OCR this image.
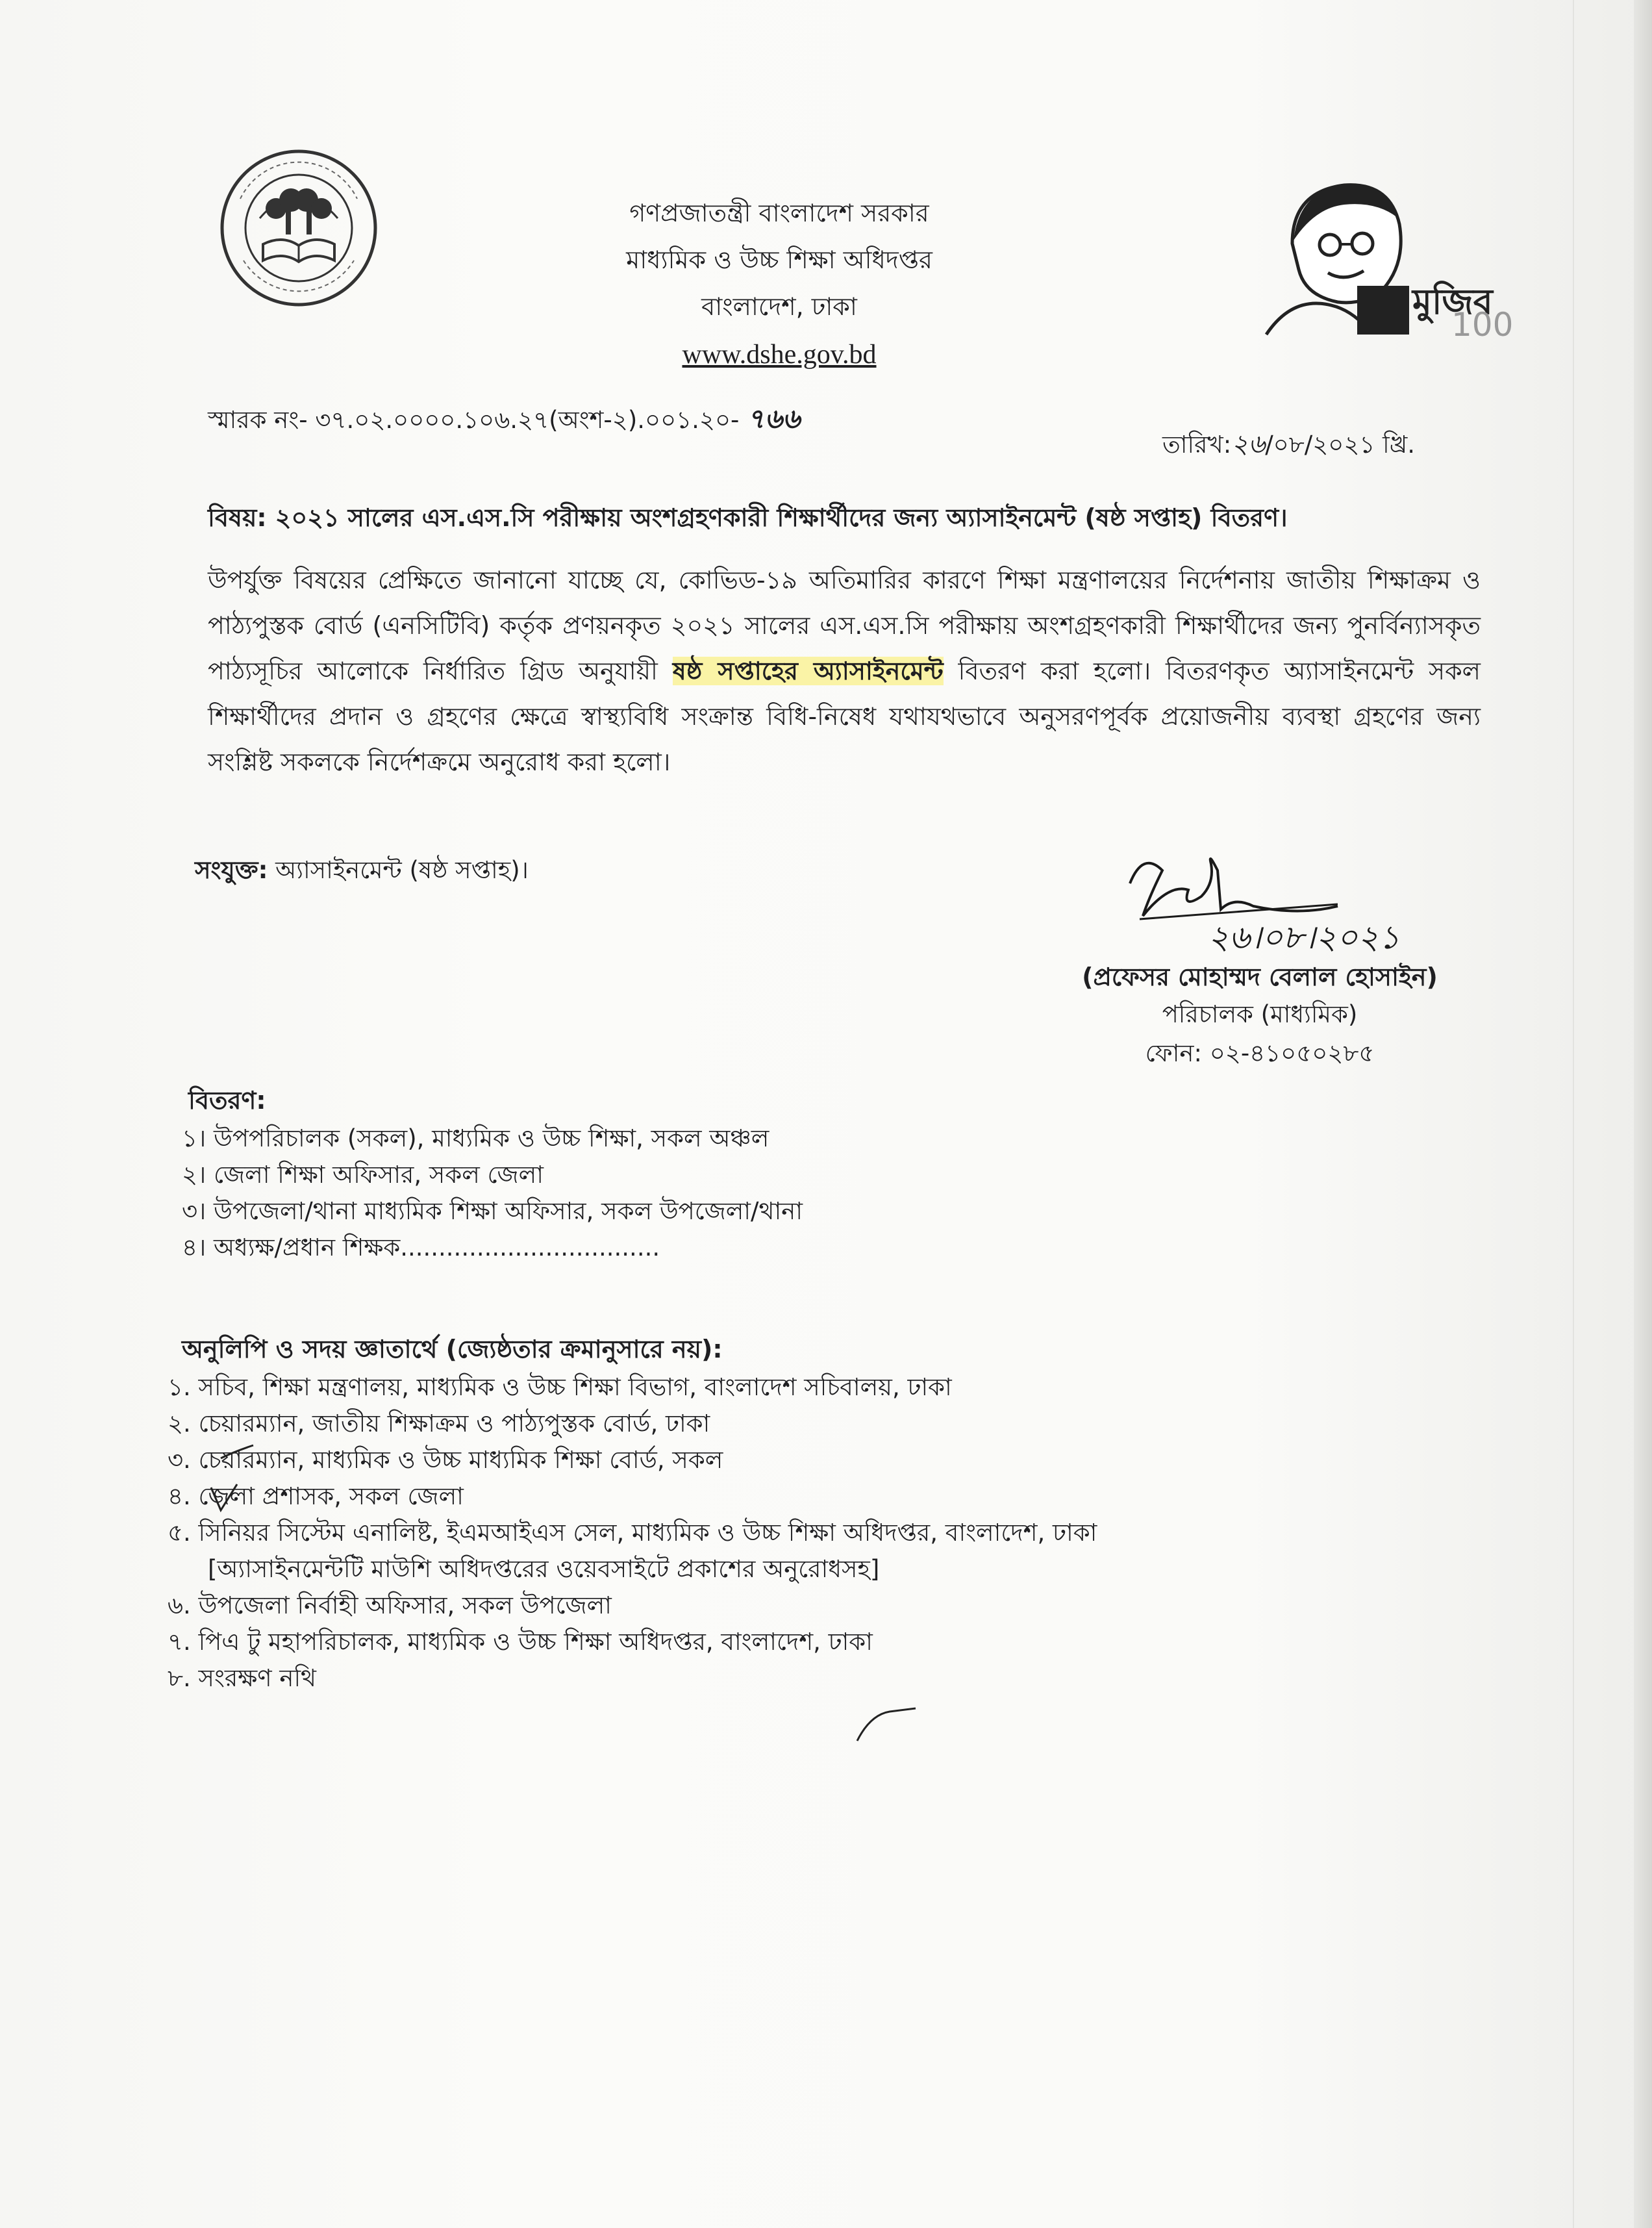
মুজিব
100
গণপ্রজাতন্ত্রী বাংলাদেশ সরকার
মাধ্যমিক ও উচ্চ শিক্ষা অধিদপ্তর
বাংলাদেশ, ঢাকা
www.dshe.gov.bd
স্মারক নং- ৩৭.০২.০০০০.১০৬.২৭(অংশ-২).০০১.২০- ৭৬৬
তারিখ:২৬/০৮/২০২১ খ্রি.
বিষয়: ২০২১ সালের এস.এস.সি পরীক্ষায় অংশগ্রহণকারী শিক্ষার্থীদের জন্য অ্যাসাইনমেন্ট (ষষ্ঠ সপ্তাহ) বিতরণ।
উপর্যুক্ত বিষয়ের প্রেক্ষিতে জানানো যাচ্ছে যে, কোভিড-১৯ অতিমারির কারণে শিক্ষা মন্ত্রণালয়ের নির্দেশনায় জাতীয় শিক্ষাক্রম ও পাঠ্যপুস্তক বোর্ড (এনসিটিবি) কর্তৃক প্রণয়নকৃত ২০২১ সালের এস.এস.সি পরীক্ষায় অংশগ্রহণকারী শিক্ষার্থীদের জন্য পুনর্বিন্যাসকৃত পাঠ্যসূচির আলোকে নির্ধারিত গ্রিড অনুযায়ী ষষ্ঠ সপ্তাহের অ্যাসাইনমেন্ট বিতরণ করা হলো। বিতরণকৃত অ্যাসাইনমেন্ট সকল শিক্ষার্থীদের প্রদান ও গ্রহণের ক্ষেত্রে স্বাস্থ্যবিধি সংক্রান্ত বিধি-নিষেধ যথাযথভাবে অনুসরণপূর্বক প্রয়োজনীয় ব্যবস্থা গ্রহণের জন্য সংশ্লিষ্ট সকলকে নির্দেশক্রমে অনুরোধ করা হলো।
সংযুক্ত: অ্যাসাইনমেন্ট (ষষ্ঠ সপ্তাহ)।
২৬।০৮।২০২১
(প্রফেসর মোহাম্মদ বেলাল হোসাইন)
পরিচালক (মাধ্যমিক)
ফোন: ০২-৪১০৫০২৮৫
বিতরণ:
১। উপপরিচালক (সকল), মাধ্যমিক ও উচ্চ শিক্ষা, সকল অঞ্চল
২। জেলা শিক্ষা অফিসার, সকল জেলা
৩। উপজেলা/থানা মাধ্যমিক শিক্ষা অফিসার, সকল উপজেলা/থানা
৪। অধ্যক্ষ/প্রধান শিক্ষক..................................
অনুলিপি ও সদয় জ্ঞাতার্থে (জ্যেষ্ঠতার ক্রমানুসারে নয়):
১. সচিব, শিক্ষা মন্ত্রণালয়, মাধ্যমিক ও উচ্চ শিক্ষা বিভাগ, বাংলাদেশ সচিবালয়, ঢাকা
২. চেয়ারম্যান, জাতীয় শিক্ষাক্রম ও পাঠ্যপুস্তক বোর্ড, ঢাকা
৩. চেয়ারম্যান, মাধ্যমিক ও উচ্চ মাধ্যমিক শিক্ষা বোর্ড, সকল
৪. জেলা প্রশাসক, সকল জেলা
৫. সিনিয়র সিস্টেম এনালিষ্ট, ইএমআইএস সেল, মাধ্যমিক ও উচ্চ শিক্ষা অধিদপ্তর, বাংলাদেশ, ঢাকা
[অ্যাসাইনমেন্টটি মাউশি অধিদপ্তরের ওয়েবসাইটে প্রকাশের অনুরোধসহ]
৬. উপজেলা নির্বাহী অফিসার, সকল উপজেলা
৭. পিএ টু মহাপরিচালক, মাধ্যমিক ও উচ্চ শিক্ষা অধিদপ্তর, বাংলাদেশ, ঢাকা
৮. সংরক্ষণ নথি
